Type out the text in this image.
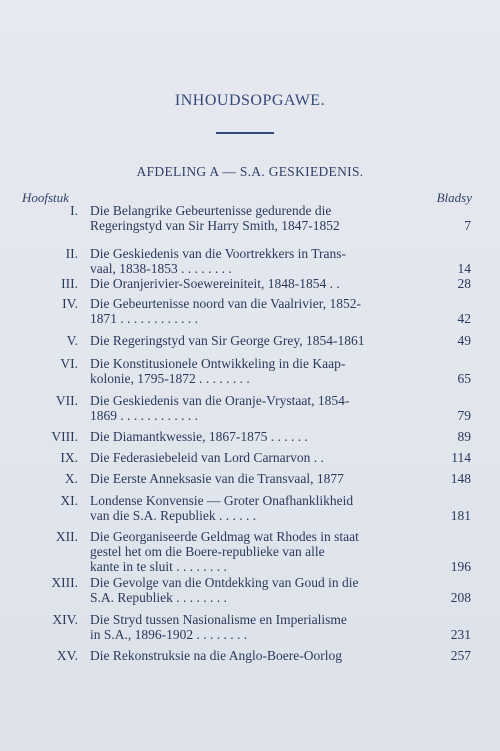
INHOUDSOPGAWE.
AFDELING A — S.A. GESKIEDENIS.
Hoofstuk	Bladsy
I. Die Belangrike Gebeurtenisse gedurende die
Regeringstyd van Sir Harry Smith, 1847-1852	7
II. Die Geskiedenis van die Voortrekkers in Trans-
vaal, 1838-1853 . . . . . . . .	14
III. Die Oranjerivier-Soewereiniteit, 1848-1854 . .	28
IV. Die Gebeurtenisse noord van die Vaalrivier, 1852-
1871 . . . . . . . . . . . .	42
V. Die Regeringstyd van Sir George Grey, 1854-1861	49
VI. Die Konstitusionele Ontwikkeling in die Kaap-
kolonie, 1795-1872 . . . . . . . .	65
VII. Die Geskiedenis van die Oranje-Vrystaat, 1854-
1869 . . . . . . . . . . . .	79
VIII. Die Diamantkwessie, 1867-1875 . . . . . .	89
IX. Die Federasiebeleid van Lord Carnarvon . .	114
X. Die Eerste Anneksasie van die Transvaal, 1877	148
XI. Londense Konvensie — Groter Onafhanklikheid
van die S.A. Republiek . . . . . .	181
XII. Die Georganiseerde Geldmag wat Rhodes in staat
gestel het om die Boere-republieke van alle
kante in te sluit . . . . . . . .	196
XIII. Die Gevolge van die Ontdekking van Goud in die
S.A. Republiek . . . . . . . .	208
XIV. Die Stryd tussen Nasionalisme en Imperialisme
in S.A., 1896-1902 . . . . . . . .	231
XV. Die Rekonstruksie na die Anglo-Boere-Oorlog	257
